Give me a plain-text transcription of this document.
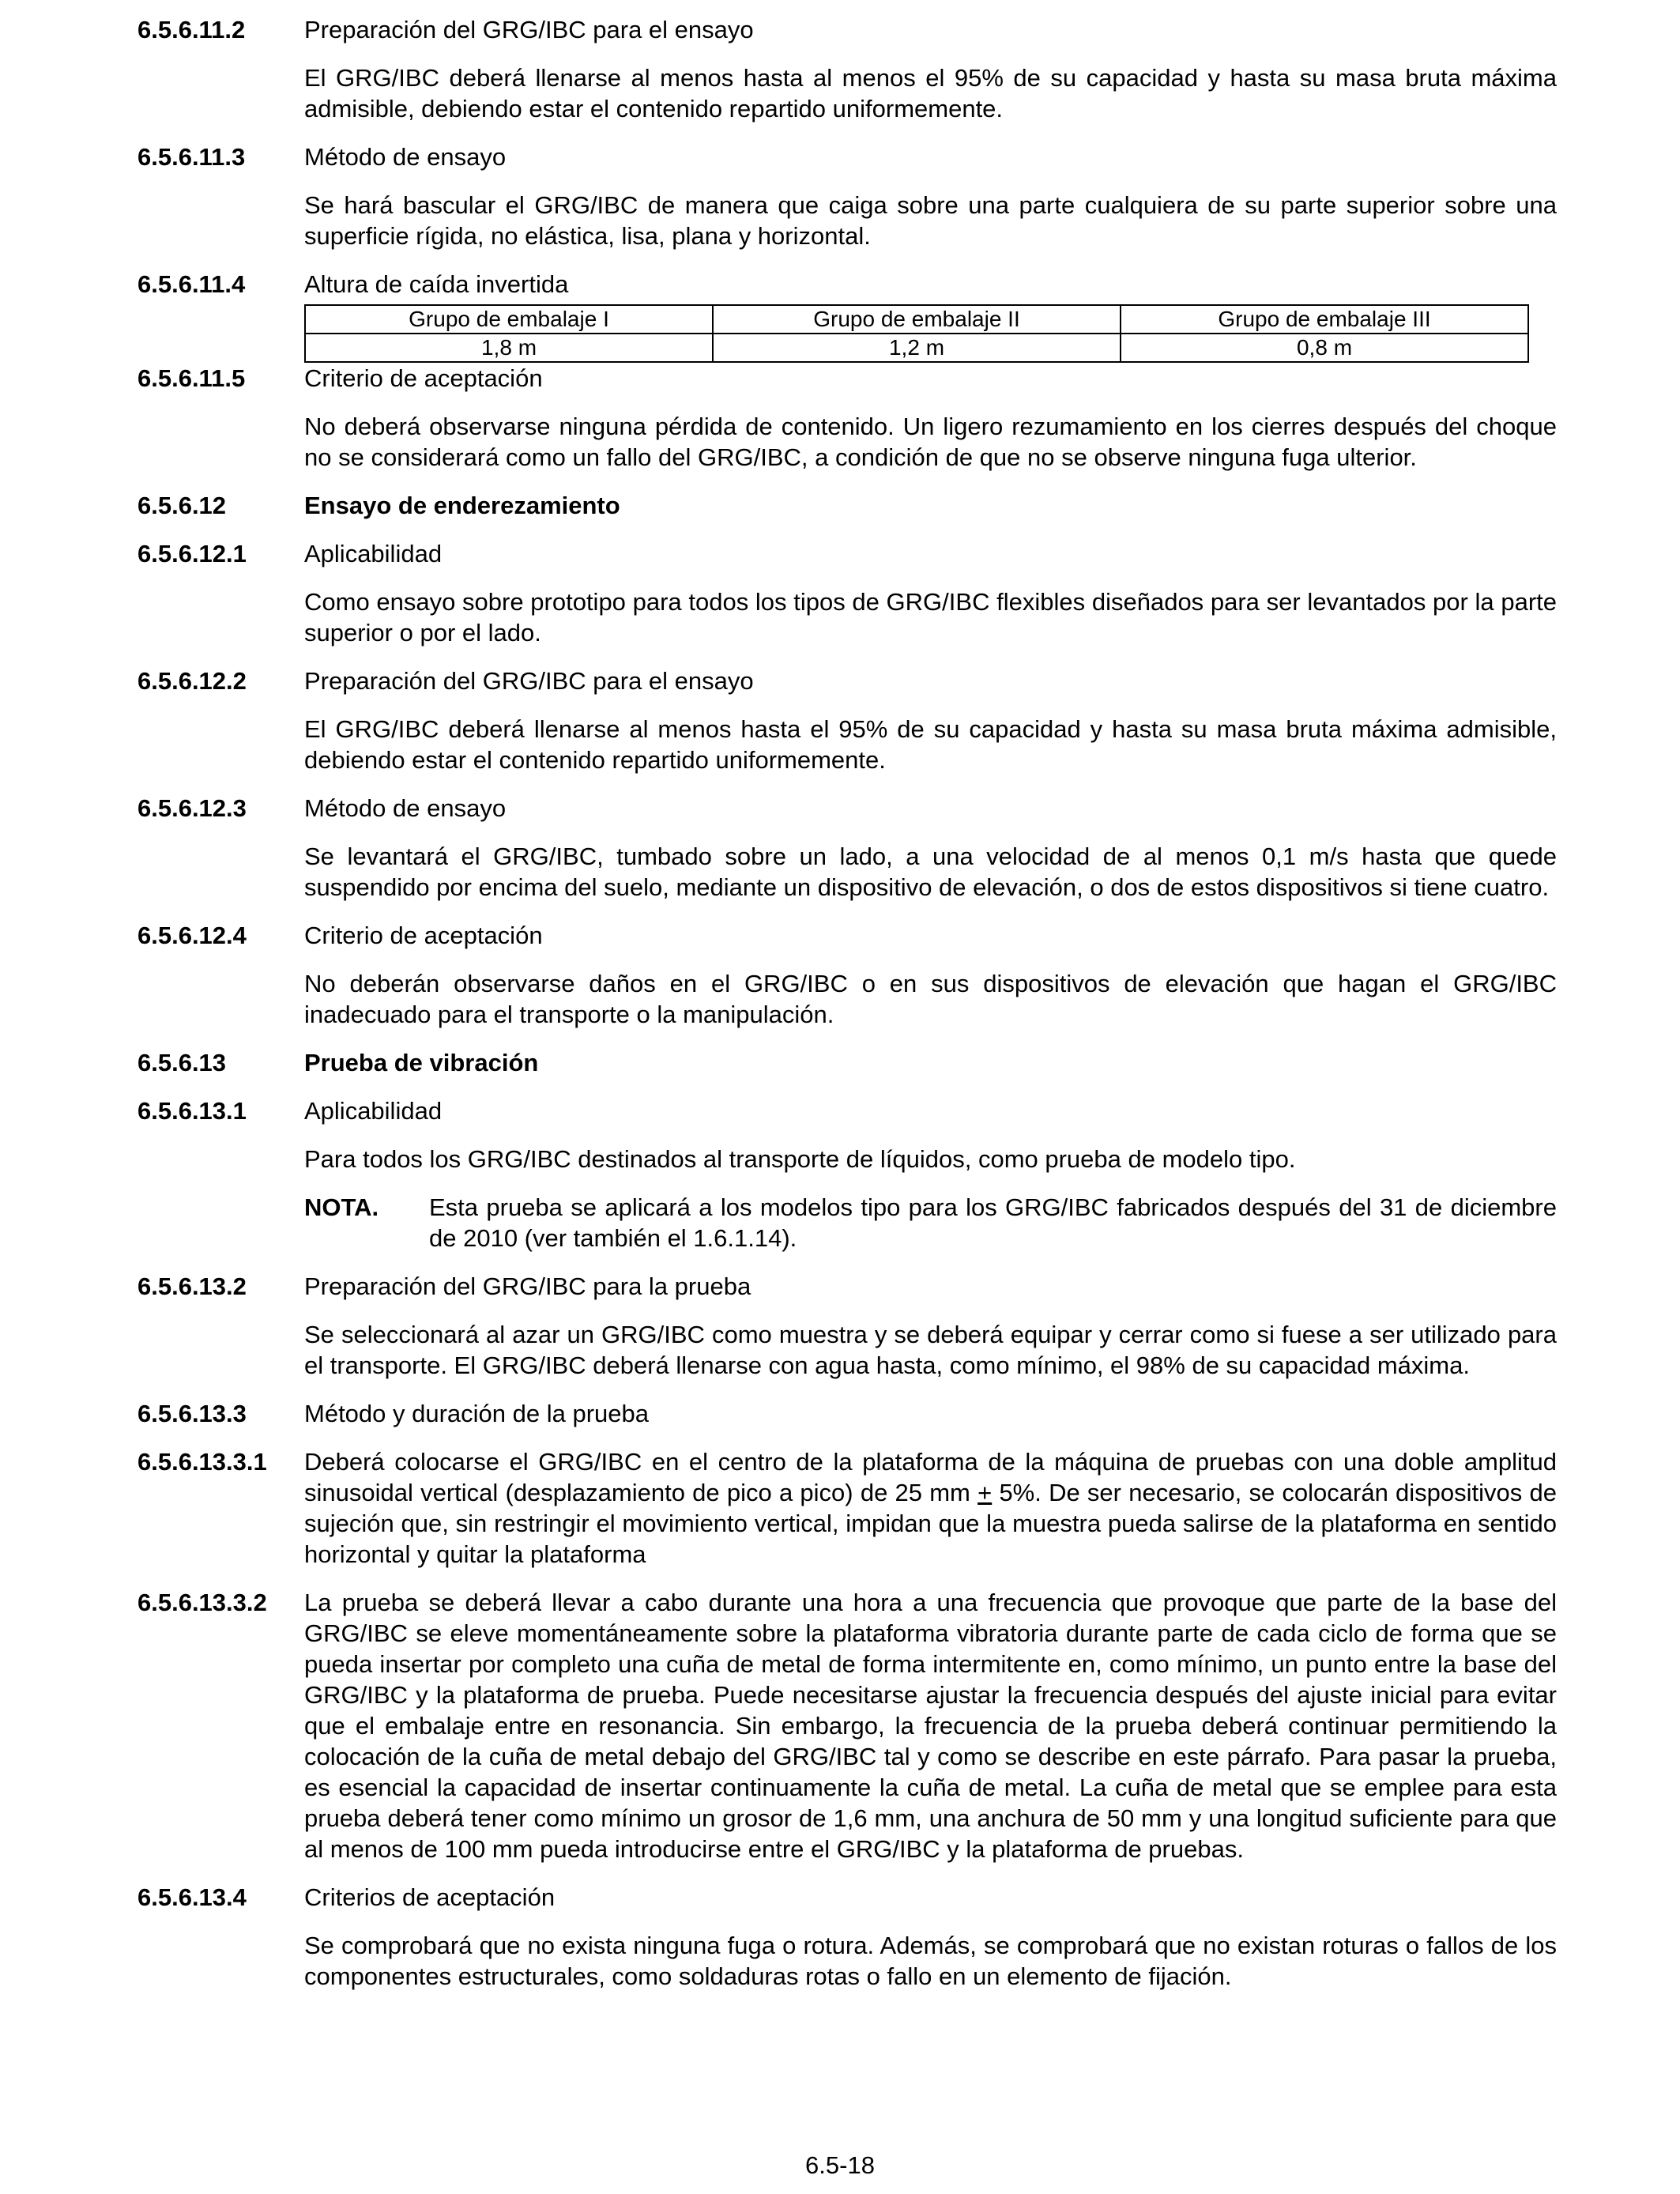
6.5.6.11.2 Preparación del GRG/IBC para el ensayo
El GRG/IBC deberá llenarse al menos hasta al menos el 95% de su capacidad y hasta su masa bruta máxima admisible, debiendo estar el contenido repartido uniformemente.
6.5.6.11.3 Método de ensayo
Se hará bascular el GRG/IBC de manera que caiga sobre una parte cualquiera de su parte superior sobre una superficie rígida, no elástica, lisa, plana y horizontal.
6.5.6.11.4 Altura de caída invertida
Grupo de embalaje I	Grupo de embalaje II	Grupo de embalaje III
1,8 m	1,2 m	0,8 m
6.5.6.11.5 Criterio de aceptación
No deberá observarse ninguna pérdida de contenido. Un ligero rezumamiento en los cierres después del choque no se considerará como un fallo del GRG/IBC, a condición de que no se observe ninguna fuga ulterior.
6.5.6.12	Ensayo de enderezamiento
6.5.6.12.1 Aplicabilidad
Como ensayo sobre prototipo para todos los tipos de GRG/IBC flexibles diseñados para ser levantados por la parte superior o por el lado.
6.5.6.12.2 Preparación del GRG/IBC para el ensayo
El GRG/IBC deberá llenarse al menos hasta el 95% de su capacidad y hasta su masa bruta máxima admisible, debiendo estar el contenido repartido uniformemente.
6.5.6.12.3 Método de ensayo
Se levantará el GRG/IBC, tumbado sobre un lado, a una velocidad de al menos 0,1 m/s hasta que quede suspendido por encima del suelo, mediante un dispositivo de elevación, o dos de estos dispositivos si tiene cuatro.
6.5.6.12.4 Criterio de aceptación
No deberán observarse daños en el GRG/IBC o en sus dispositivos de elevación que hagan el GRG/IBC inadecuado para el transporte o la manipulación.
6.5.6.13	Prueba de vibración
6.5.6.13.1 Aplicabilidad
Para todos los GRG/IBC destinados al transporte de líquidos, como prueba de modelo tipo.
NOTA. Esta prueba se aplicará a los modelos tipo para los GRG/IBC fabricados después del 31 de diciembre de 2010 (ver también el 1.6.1.14).
6.5.6.13.2 Preparación del GRG/IBC para la prueba
Se seleccionará al azar un GRG/IBC como muestra y se deberá equipar y cerrar como si fuese a ser utilizado para el transporte. El GRG/IBC deberá llenarse con agua hasta, como mínimo, el 98% de su capacidad máxima.
6.5.6.13.3 Método y duración de la prueba
6.5.6.13.3.1 Deberá colocarse el GRG/IBC en el centro de la plataforma de la máquina de pruebas con una doble amplitud sinusoidal vertical (desplazamiento de pico a pico) de 25 mm + 5%. De ser necesario, se colocarán dispositivos de sujeción que, sin restringir el movimiento vertical, impidan que la muestra pueda salirse de la plataforma en sentido horizontal y quitar la plataforma
6.5.6.13.3.2 La prueba se deberá llevar a cabo durante una hora a una frecuencia que provoque que parte de la base del GRG/IBC se eleve momentáneamente sobre la plataforma vibratoria durante parte de cada ciclo de forma que se pueda insertar por completo una cuña de metal de forma intermitente en, como mínimo, un punto entre la base del GRG/IBC y la plataforma de prueba. Puede necesitarse ajustar la frecuencia después del ajuste inicial para evitar que el embalaje entre en resonancia. Sin embargo, la frecuencia de la prueba deberá continuar permitiendo la colocación de la cuña de metal debajo del GRG/IBC tal y como se describe en este párrafo. Para pasar la prueba, es esencial la capacidad de insertar continuamente la cuña de metal. La cuña de metal que se emplee para esta prueba deberá tener como mínimo un grosor de 1,6 mm, una anchura de 50 mm y una longitud suficiente para que al menos de 100 mm pueda introducirse entre el GRG/IBC y la plataforma de pruebas.
6.5.6.13.4 Criterios de aceptación
Se comprobará que no exista ninguna fuga o rotura. Además, se comprobará que no existan roturas o fallos de los componentes estructurales, como soldaduras rotas o fallo en un elemento de fijación.
6.5-18
